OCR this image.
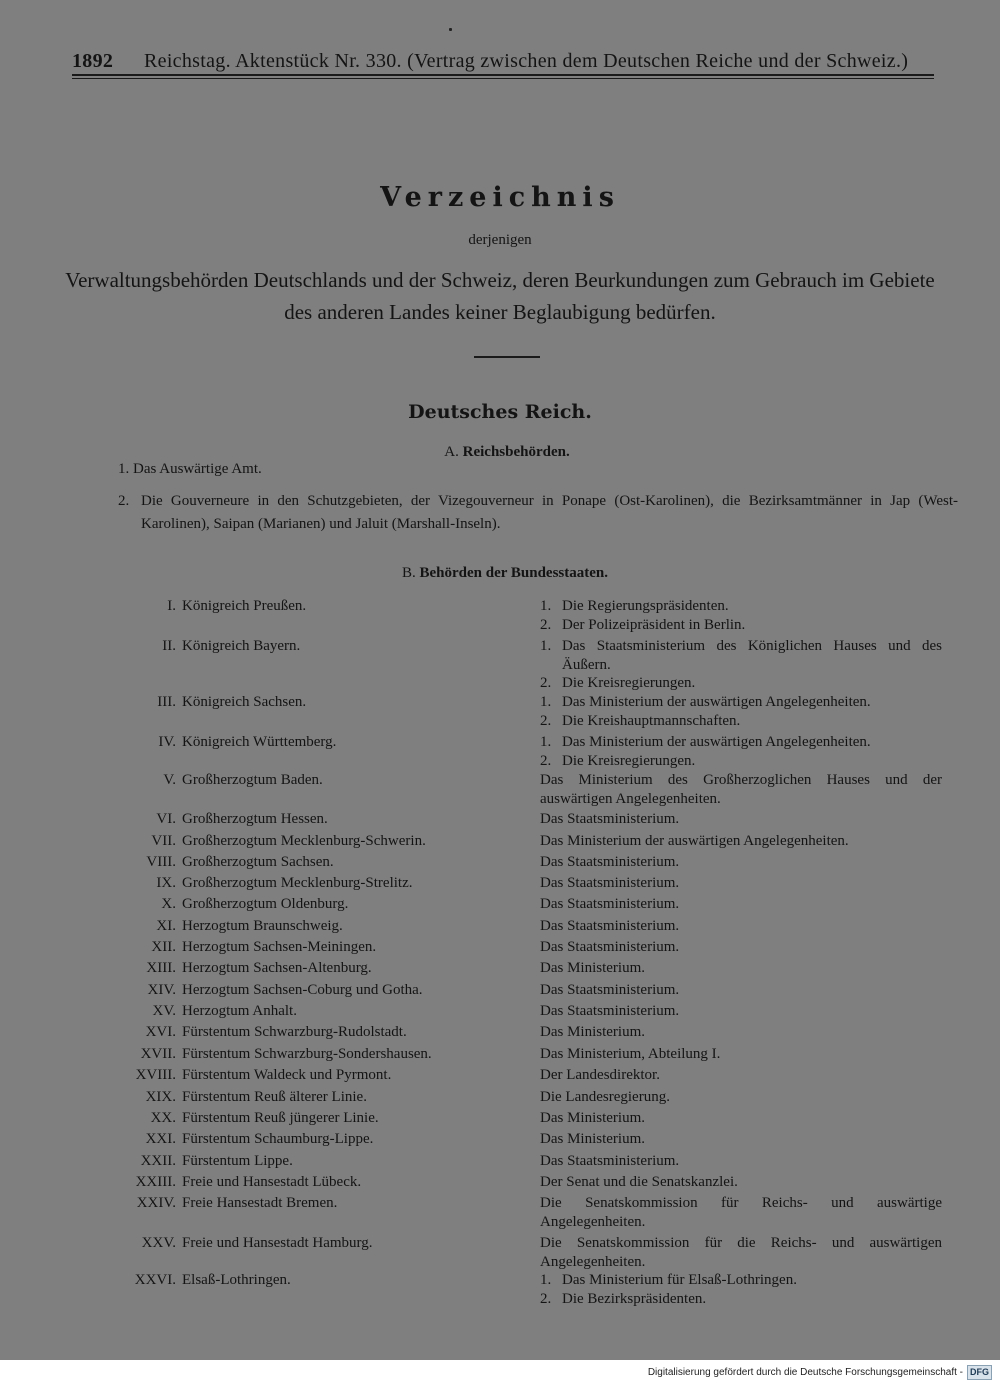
1892	Reichstag. Aktenstück Nr. 330. (Vertrag zwischen dem Deutschen Reiche und der Schweiz.)
Verzeichnis
derjenigen
Verwaltungsbehörden Deutschlands und der Schweiz, deren Beurkundungen zum Gebrauch im Gebiete des anderen Landes keiner Beglaubigung bedürfen.
Deutsches Reich.
A. Reichsbehörden.
1. Das Auswärtige Amt.
2. Die Gouverneure in den Schutzgebieten, der Vizegouverneur in Ponape (Ost-Karolinen), die Bezirksamtmänner in Jap (West-Karolinen), Saipan (Marianen) und Jaluit (Marshall-Inseln).
B. Behörden der Bundesstaaten.
I. Königreich Preußen.	1. Die Regierungspräsidenten.
2. Der Polizeipräsident in Berlin.
II. Königreich Bayern.	1. Das Staatsministerium des Königlichen Hauses und des Äußern.
2. Die Kreisregierungen.
III. Königreich Sachsen.	1. Das Ministerium der auswärtigen Angelegenheiten.
2. Die Kreishauptmannschaften.
IV. Königreich Württemberg.	1. Das Ministerium der auswärtigen Angelegenheiten.
2. Die Kreisregierungen.
V. Großherzogtum Baden.	Das Ministerium des Großherzoglichen Hauses und der auswärtigen Angelegenheiten.
VI. Großherzogtum Hessen.	Das Staatsministerium.
VII. Großherzogtum Mecklenburg-Schwerin.	Das Ministerium der auswärtigen Angelegenheiten.
VIII. Großherzogtum Sachsen.	Das Staatsministerium.
IX. Großherzogtum Mecklenburg-Strelitz.	Das Staatsministerium.
X. Großherzogtum Oldenburg.	Das Staatsministerium.
XI. Herzogtum Braunschweig.	Das Staatsministerium.
XII. Herzogtum Sachsen-Meiningen.	Das Staatsministerium.
XIII. Herzogtum Sachsen-Altenburg.	Das Ministerium.
XIV. Herzogtum Sachsen-Coburg und Gotha.	Das Staatsministerium.
XV. Herzogtum Anhalt.	Das Staatsministerium.
XVI. Fürstentum Schwarzburg-Rudolstadt.	Das Ministerium.
XVII. Fürstentum Schwarzburg-Sondershausen.	Das Ministerium, Abteilung I.
XVIII. Fürstentum Waldeck und Pyrmont.	Der Landesdirektor.
XIX. Fürstentum Reuß älterer Linie.	Die Landesregierung.
XX. Fürstentum Reuß jüngerer Linie.	Das Ministerium.
XXI. Fürstentum Schaumburg-Lippe.	Das Ministerium.
XXII. Fürstentum Lippe.	Das Staatsministerium.
XXIII. Freie und Hansestadt Lübeck.	Der Senat und die Senatskanzlei.
XXIV. Freie Hansestadt Bremen.	Die Senatskommission für Reichs- und auswärtige Angelegenheiten.
XXV. Freie und Hansestadt Hamburg.	Die Senatskommission für die Reichs- und auswärtigen Angelegenheiten.
XXVI. Elsaß-Lothringen.	1. Das Ministerium für Elsaß-Lothringen.
2. Die Bezirkspräsidenten.
Digitalisierung gefördert durch die Deutsche Forschungsgemeinschaft - DFG
